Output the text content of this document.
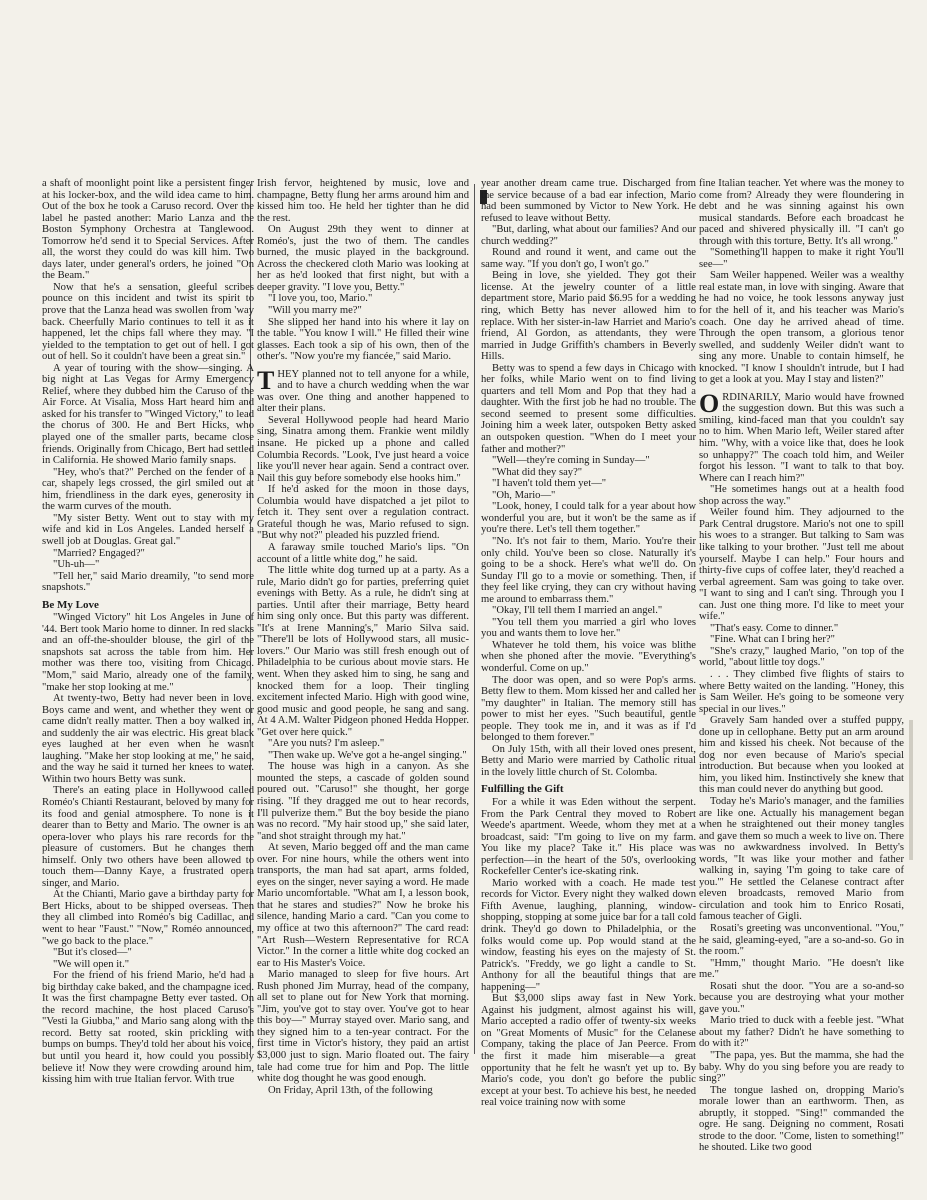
a shaft of moonlight point like a persistent finger at his locker-box, and the wild idea came to him. Out of the box he took a Caruso record. Over the label he pasted another: Mario Lanza and the Boston Symphony Orchestra at Tanglewood. Tomorrow he'd send it to Special Services. After all, the worst they could do was kill him. Two days later, under general's orders, he joined "On the Beam."

Now that he's a sensation, gleeful scribes pounce on this incident and twist its spirit to prove that the Lanza head was swollen from 'way back. Cheerfully Mario continues to tell it as it happened, let the chips fall where they may. "I yielded to the temptation to get out of hell. I got out of hell. So it couldn't have been a great sin."

A year of touring with the show—singing. A big night at Las Vegas for Army Emergency Relief, where they dubbed him the Caruso of the Air Force. At Visalia, Moss Hart heard him and asked for his transfer to "Winged Victory," to lead the chorus of 300. He and Bert Hicks, who played one of the smaller parts, became close friends. Originally from Chicago, Bert had settled in California. He showed Mario family snaps.

"Hey, who's that?" Perched on the fender of a car, shapely legs crossed, the girl smiled out at him, friendliness in the dark eyes, generosity in the warm curves of the mouth.

"My sister Betty. Went out to stay with my wife and kid in Los Angeles. Landed herself a swell job at Douglas. Great gal."

"Married? Engaged?"

"Uh-uh—"

"Tell her," said Mario dreamily, "to send more snapshots."

Be My Love

"Winged Victory" hit Los Angeles in June of '44. Bert took Mario home to dinner. In red slacks and an off-the-shoulder blouse, the girl of the snapshots sat across the table from him. Her mother was there too, visiting from Chicago. "Mom," said Mario, already one of the family, "make her stop looking at me."

At twenty-two, Betty had never been in love. Boys came and went, and whether they went or came didn't really matter. Then a boy walked in, and suddenly the air was electric. His great black eyes laughed at her even when he wasn't laughing. "Make her stop looking at me," he said, and the way he said it turned her knees to water. Within two hours Betty was sunk.

There's an eating place in Hollywood called Roméo's Chianti Restaurant, beloved by many for its food and genial atmosphere. To none is it dearer than to Betty and Mario. The owner is an opera-lover who plays his rare records for the pleasure of customers. But he changes them himself. Only two others have been allowed to touch them—Danny Kaye, a frustrated opera singer, and Mario.

At the Chianti, Mario gave a birthday party for Bert Hicks, about to be shipped overseas. Then they all climbed into Roméo's big Cadillac, and went to hear "Faust." "Now," Roméo announced, "we go back to the place."

"But it's closed—"

"We will open it."

For the friend of his friend Mario, he'd had a big birthday cake baked, and the champagne iced. It was the first champagne Betty ever tasted. On the record machine, the host placed Caruso's "Vesti la Giubba," and Mario sang along with the record. Betty sat rooted, skin prickling with bumps on bumps. They'd told her about his voice, but until you heard it, how could you possibly believe it! Now they were crowding around him, kissing him with true Italian fervor. With true

Irish fervor, heightened by music, love and champagne, Betty flung her arms around him and kissed him too. He held her tighter than he did the rest.

On August 29th they went to dinner at Roméo's, just the two of them. The candles burned, the music played in the background. Across the checkered cloth Mario was looking at her as he'd looked that first night, but with a deeper gravity. "I love you, Betty."

"I love you, too, Mario."

"Will you marry me?"

She slipped her hand into his where it lay on the table. "You know I will." He filled their wine glasses. Each took a sip of his own, then of the other's. "Now you're my fiancée," said Mario.

THEY planned not to tell anyone for a while, and to have a church wedding when the war was over. One thing and another happened to alter their plans.

Several Hollywood people had heard Mario sing, Sinatra among them. Frankie went mildly insane. He picked up a phone and called Columbia Records. "Look, I've just heard a voice like you'll never hear again. Send a contract over. Nail this guy before somebody else hooks him."

If he'd asked for the moon in those days, Columbia would have dispatched a jet pilot to fetch it. They sent over a regulation contract. Grateful though he was, Mario refused to sign. "But why not?" pleaded his puzzled friend.

A faraway smile touched Mario's lips. "On account of a little white dog," he said.

The little white dog turned up at a party. As a rule, Mario didn't go for parties, preferring quiet evenings with Betty. As a rule, he didn't sing at parties. Until after their marriage, Betty heard him sing only once. But this party was different. "It's at Irene Manning's," Mario Silva said. "There'll be lots of Hollywood stars, all music-lovers." Our Mario was still fresh enough out of Philadelphia to be curious about movie stars. He went. When they asked him to sing, he sang and knocked them for a loop. Their tingling excitement infected Mario. High with good wine, good music and good people, he sang and sang. At 4 A.M. Walter Pidgeon phoned Hedda Hopper. "Get over here quick."

"Are you nuts? I'm asleep."

"Then wake up. We've got a he-angel singing."

The house was high in a canyon. As she mounted the steps, a cascade of golden sound poured out. "Caruso!" she thought, her gorge rising. "If they dragged me out to hear records, I'll pulverize them." But the boy beside the piano was no record. "My hair stood up," she said later, "and shot straight through my hat."

At seven, Mario begged off and the man came over. For nine hours, while the others went into transports, the man had sat apart, arms folded, eyes on the singer, never saying a word. He made Mario uncomfortable. "What am I, a lesson book, that he stares and studies?" Now he broke his silence, handing Mario a card. "Can you come to my office at two this afternoon?" The card read: "Art Rush—Western Representative for RCA Victor." In the corner a little white dog cocked an ear to His Master's Voice.

Mario managed to sleep for five hours. Art Rush phoned Jim Murray, head of the company, all set to plane out for New York that morning. "Jim, you've got to stay over. You've got to hear this boy—" Murray stayed over. Mario sang, and they signed him to a ten-year contract. For the first time in Victor's history, they paid an artist $3,000 just to sign. Mario floated out. The fairy tale had come true for him and Pop. The little white dog thought he was good enough.

On Friday, April 13th, of the following

year another dream came true. Discharged from the service because of a bad ear infection, Mario had been summoned by Victor to New York. He refused to leave without Betty.

"But, darling, what about our families? And our church wedding?"

Round and round it went, and came out the same way. "If you don't go, I won't go."

Being in love, she yielded. They got their license. At the jewelry counter of a little department store, Mario paid $6.95 for a wedding ring, which Betty has never allowed him to replace. With her sister-in-law Harriet and Mario's friend, Al Gordon, as attendants, they were married in Judge Griffith's chambers in Beverly Hills.

Betty was to spend a few days in Chicago with her folks, while Mario went on to find living quarters and tell Mom and Pop that they had a daughter. With the first job he had no trouble. The second seemed to present some difficulties. Joining him a week later, outspoken Betty asked an outspoken question. "When do I meet your father and mother?"

"Well—they're coming in Sunday—"

"What did they say?"

"I haven't told them yet—"

"Oh, Mario—"

"Look, honey, I could talk for a year about how wonderful you are, but it won't be the same as if you're there. Let's tell them together."

"No. It's not fair to them, Mario. You're their only child. You've been so close. Naturally it's going to be a shock. Here's what we'll do. On Sunday I'll go to a movie or something. Then, if they feel like crying, they can cry without having me around to embarrass them."

"Okay, I'll tell them I married an angel."

"You tell them you married a girl who loves you and wants them to love her."

Whatever he told them, his voice was blithe when she phoned after the movie. "Everything's wonderful. Come on up."

The door was open, and so were Pop's arms. Betty flew to them. Mom kissed her and called her "my daughter" in Italian. The memory still has power to mist her eyes. "Such beautiful, gentle people. They took me in, and it was as if I'd belonged to them forever."

On July 15th, with all their loved ones present, Betty and Mario were married by Catholic ritual in the lovely little church of St. Colomba.

Fulfilling the Gift

For a while it was Eden without the serpent. From the Park Central they moved to Robert Weede's apartment. Weede, whom they met at a broadcast, said: "I'm going to live on my farm. You like my place? Take it." His place was perfection—in the heart of the 50's, overlooking Rockefeller Center's ice-skating rink.

Mario worked with a coach. He made test records for Victor. Every night they walked down Fifth Avenue, laughing, planning, window-shopping, stopping at some juice bar for a tall cold drink. They'd go down to Philadelphia, or the folks would come up. Pop would stand at the window, feasting his eyes on the majesty of St. Patrick's. "Freddy, we go light a candle to St. Anthony for all the beautiful things that are happening—"

But $3,000 slips away fast in New York. Against his judgment, almost against his will, Mario accepted a radio offer of twenty-six weeks on "Great Moments of Music" for the Celanese Company, taking the place of Jan Peerce. From the first it made him miserable—a great opportunity that he felt he wasn't yet up to. By Mario's code, you don't go before the public except at your best. To achieve his best, he needed real voice training now with some

fine Italian teacher. Yet where was the money to come from? Already they were floundering in debt and he was sinning against his own musical standards. Before each broadcast he paced and shivered physically ill. "I can't go through with this torture, Betty. It's all wrong."

"Something'll happen to make it right You'll see—"

Sam Weiler happened. Weiler was a wealthy real estate man, in love with singing. Aware that he had no voice, he took lessons anyway just for the hell of it, and his teacher was Mario's coach. One day he arrived ahead of time. Through the open transom, a glorious tenor swelled, and suddenly Weiler didn't want to sing any more. Unable to contain himself, he knocked. "I know I shouldn't intrude, but I had to get a look at you. May I stay and listen?"

ORDINARILY, Mario would have frowned the suggestion down. But this was such a smiling, kind-faced man that you couldn't say no to him. When Mario left, Weiler stared after him. "Why, with a voice like that, does he look so unhappy?" The coach told him, and Weiler forgot his lesson. "I want to talk to that boy. Where can I reach him?"

"He sometimes hangs out at a health food shop across the way."

Weiler found him. They adjourned to the Park Central drugstore. Mario's not one to spill his woes to a stranger. But talking to Sam was like talking to your brother. "Just tell me about yourself. Maybe I can help." Four hours and thirty-five cups of coffee later, they'd reached a verbal agreement. Sam was going to take over. "I want to sing and I can't sing. Through you I can. Just one thing more. I'd like to meet your wife."

"That's easy. Come to dinner."

"Fine. What can I bring her?"

"She's crazy," laughed Mario, "on top of the world, "about little toy dogs."

. . . They climbed five flights of stairs to where Betty waited on the landing. "Honey, this is Sam Weiler. He's going to be someone very special in our lives."

Gravely Sam handed over a stuffed puppy, done up in cellophane. Betty put an arm around him and kissed his cheek. Not because of the dog nor even because of Mario's special introduction. But because when you looked at him, you liked him. Instinctively she knew that this man could never do anything but good.

Today he's Mario's manager, and the families are like one. Actually his management began when he straightened out their money tangles and gave them so much a week to live on. There was no awkwardness involved. In Betty's words, "It was like your mother and father walking in, saying 'I'm going to take care of you.'" He settled the Celanese contract after eleven broadcasts, removed Mario from circulation and took him to Enrico Rosati, famous teacher of Gigli.

Rosati's greeting was unconventional. "You," he said, gleaming-eyed, "are a so-and-so. Go in the room."

"Hmm," thought Mario. "He doesn't like me."

Rosati shut the door. "You are a so-and-so because you are destroying what your mother gave you."

Mario tried to duck with a feeble jest. "What about my father? Didn't he have something to do with it?"

"The papa, yes. But the mamma, she had the baby. Why do you sing before you are ready to sing?"

The tongue lashed on, dropping Mario's morale lower than an earthworm. Then, as abruptly, it stopped. "Sing!" commanded the ogre. He sang. Deigning no comment, Rosati strode to the door. "Come, listen to something!" he shouted. Like two good
